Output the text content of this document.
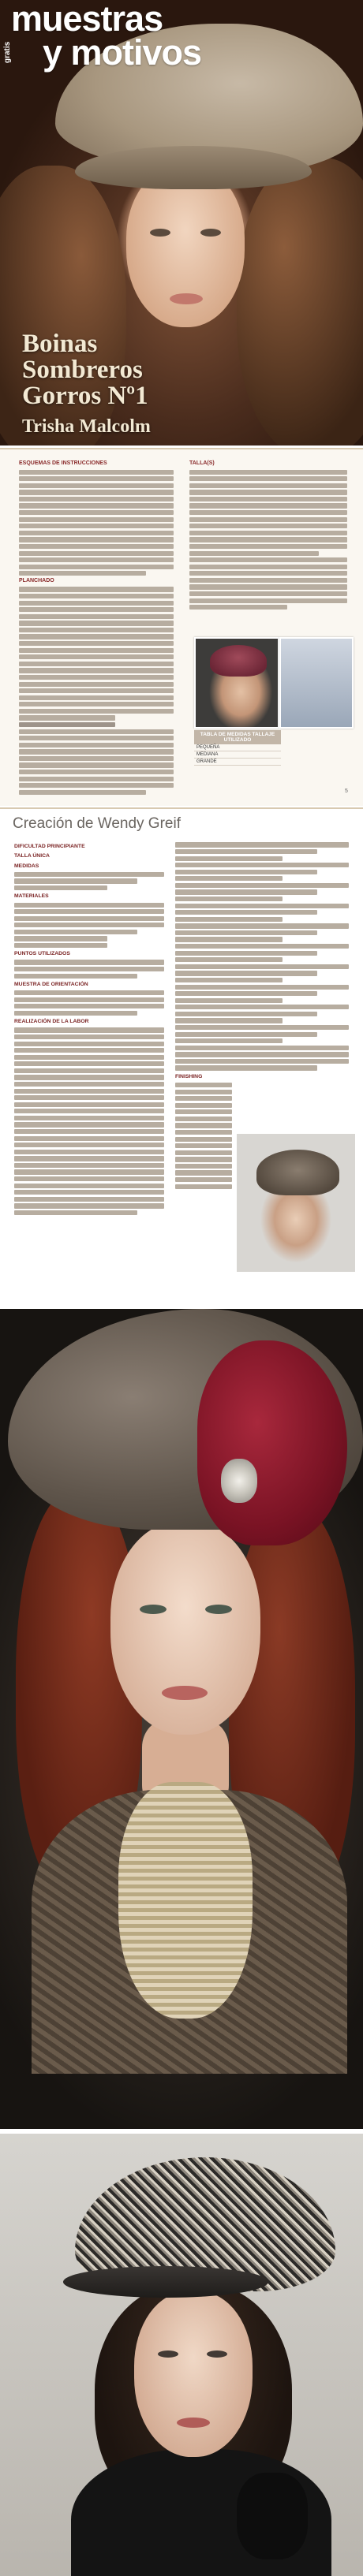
gratis
muestras
y motivos
Boinas
Sombreros
Gorros Nº1
Trisha Malcolm
ESQUEMAS DE INSTRUCCIONES
PLANCHADO
TALLA(S)
TABLA DE MEDIDAS TALLAJE UTILIZADO
PEQUEÑA
MEDIANA
GRANDE
5
Creación de Wendy Greif
DIFICULTAD PRINCIPIANTE
TALLA ÚNICA
MEDIDAS
MATERIALES
PUNTOS UTILIZADOS
MUESTRA DE ORIENTACIÓN
REALIZACIÓN DE LA LABOR
FINISHING
